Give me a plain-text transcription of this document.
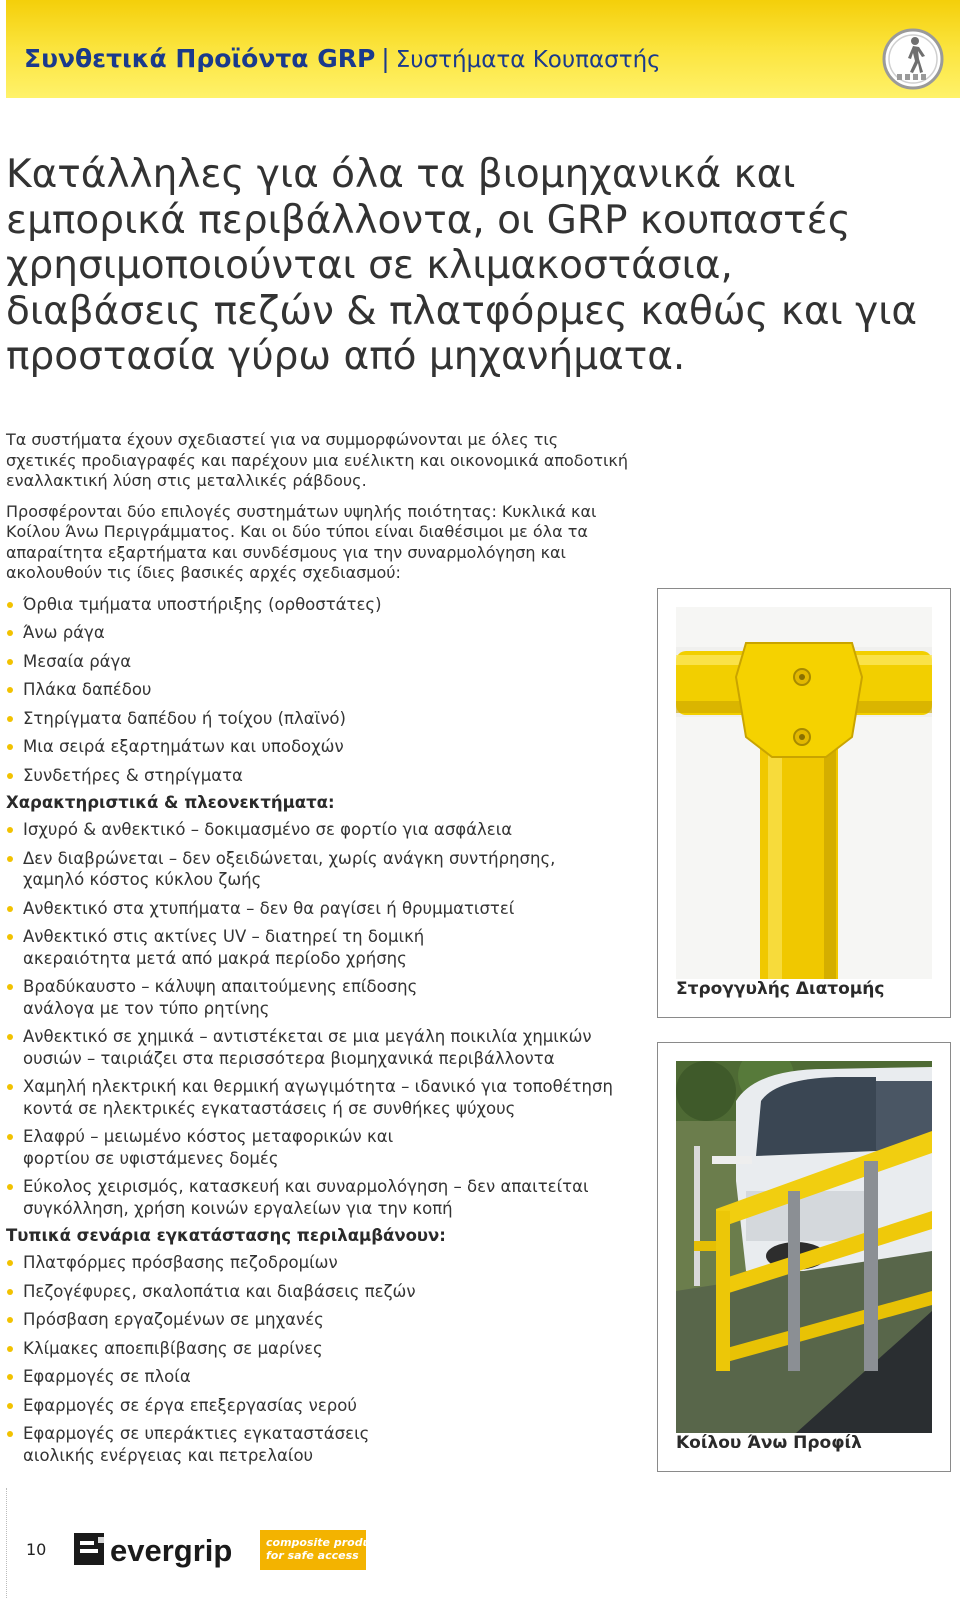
Συνθετικά Προϊόντα GRP | Συστήματα Κουπαστής
Κατάλληλες για όλα τα βιομηχανικά και εμπορικά περιβάλλοντα, οι GRP κουπαστές χρησιμοποιούνται σε κλιμακοστάσια, διαβάσεις πεζών & πλατφόρμες καθώς και για προστασία γύρω από μηχανήματα.

Τα συστήματα έχουν σχεδιαστεί για να συμμορφώνονται με όλες τις σχετικές προδιαγραφές και παρέχουν μια ευέλικτη και οικονομικά αποδοτική εναλλακτική λύση στις μεταλλικές ράβδους.

Προσφέρονται δύο επιλογές συστημάτων υψηλής ποιότητας: Κυκλικά και Κοίλου Άνω Περιγράμματος. Και οι δύο τύποι είναι διαθέσιμοι με όλα τα απαραίτητα εξαρτήματα και συνδέσμους για την συναρμολόγηση και ακολουθούν τις ίδιες βασικές αρχές σχεδιασμού:

Όρθια τμήματα υποστήριξης (ορθοστάτες)
Άνω ράγα
Μεσαία ράγα
Πλάκα δαπέδου
Στηρίγματα δαπέδου ή τοίχου (πλαϊνό)
Μια σειρά εξαρτημάτων και υποδοχών
Συνδετήρες & στηρίγματα
Χαρακτηριστικά & πλεονεκτήματα:
Ισχυρό & ανθεκτικό – δοκιμασμένο σε φορτίο για ασφάλεια
Δεν διαβρώνεται – δεν οξειδώνεται, χωρίς ανάγκη συντήρησης, χαμηλό κόστος κύκλου ζωής
Ανθεκτικό στα χτυπήματα – δεν θα ραγίσει ή θρυμματιστεί
Ανθεκτικό στις ακτίνες UV – διατηρεί τη δομική ακεραιότητα μετά από μακρά περίοδο χρήσης
Βραδύκαυστο – κάλυψη απαιτούμενης επίδοσης ανάλογα με τον τύπο ρητίνης
Ανθεκτικό σε χημικά – αντιστέκεται σε μια μεγάλη ποικιλία χημικών ουσιών – ταιριάζει στα περισσότερα βιομηχανικά περιβάλλοντα
Χαμηλή ηλεκτρική και θερμική αγωγιμότητα – ιδανικό για τοποθέτηση κοντά σε ηλεκτρικές εγκαταστάσεις ή σε συνθήκες ψύχους
Ελαφρύ – μειωμένο κόστος μεταφορικών και φορτίου σε υφιστάμενες δομές
Εύκολος χειρισμός, κατασκευή και συναρμολόγηση – δεν απαιτείται συγκόλληση, χρήση κοινών εργαλείων για την κοπή
Τυπικά σενάρια εγκατάστασης περιλαμβάνουν:
Πλατφόρμες πρόσβασης πεζοδρομίων
Πεζογέφυρες, σκαλοπάτια και διαβάσεις πεζών
Πρόσβαση εργαζομένων σε μηχανές
Κλίμακες αποεπιβίβασης σε μαρίνες
Εφαρμογές σε πλοία
Εφαρμογές σε έργα επεξεργασίας νερού
Εφαρμογές σε υπεράκτιες εγκαταστάσεις αιολικής ενέργειας και πετρελαίου
Στρογγυλής Διατομής
Κοίλου Άνω Προφίλ
10 evergrip	composite products
for safe access
